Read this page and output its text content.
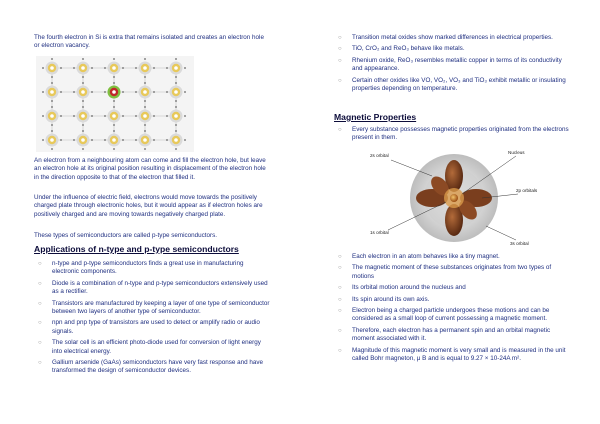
The fourth electron in Si is extra that remains isolated and creates an electron hole or electron vacancy.

An electron from a neighbouring atom can come and fill the electron hole, but leave an electron hole at its original position resulting in displacement of the electron hole in the direction opposite to that of the electron that filled it.

Under the influence of electric field, electrons would move towards the positively charged plate through electronic holes, but it would appear as if electron holes are positively charged and are moving towards negatively charged plate.

These types of semiconductors are called p-type semiconductors.

Applications of n-type and p-type semiconductors

○ n-type and p-type semiconductors finds a great use in manufacturing electronic components.
○ Diode is a combination of n-type and p-type semiconductors extensively used as a rectifier.
○ Transistors are manufactured by keeping a layer of one type of semiconductor between two layers of another type of semiconductor.
○ npn and pnp type of transistors are used to detect or amplify radio or audio signals.
○ The solar cell is an efficient photo-diode used for conversion of light energy into electrical energy.
○ Gallium arsenide (GaAs) semiconductors have very fast response and have transformed the design of semiconductor devices.
○ Transition metal oxides show marked differences in electrical properties.
○ TiO, CrO₂ and ReO₃ behave like metals.
○ Rhenium oxide, ReO₃ resembles metallic copper in terms of its conductivity and appearance.
○ Certain other oxides like VO, VO₂, VO₃ and TiO₃ exhibit metallic or insulating properties depending on temperature.

Magnetic Properties

○ Every substance possesses magnetic properties originated from the electrons present in them.
2s orbital
Nucleus
2p orbitals
1s orbital
3s orbital
○ Each electron in an atom behaves like a tiny magnet.
○ The magnetic moment of these substances originates from two types of motions
○ Its orbital motion around the nucleus and
○ Its spin around its own axis.
○ Electron being a charged particle undergoes these motions and can be considered as a small loop of current possessing a magnetic moment.
○ Therefore, each electron has a permanent spin and an orbital magnetic moment associated with it.
○ Magnitude of this magnetic moment is very small and is measured in the unit called Bohr magneton, μ B and is equal to 9.27 × 10-24A m².
